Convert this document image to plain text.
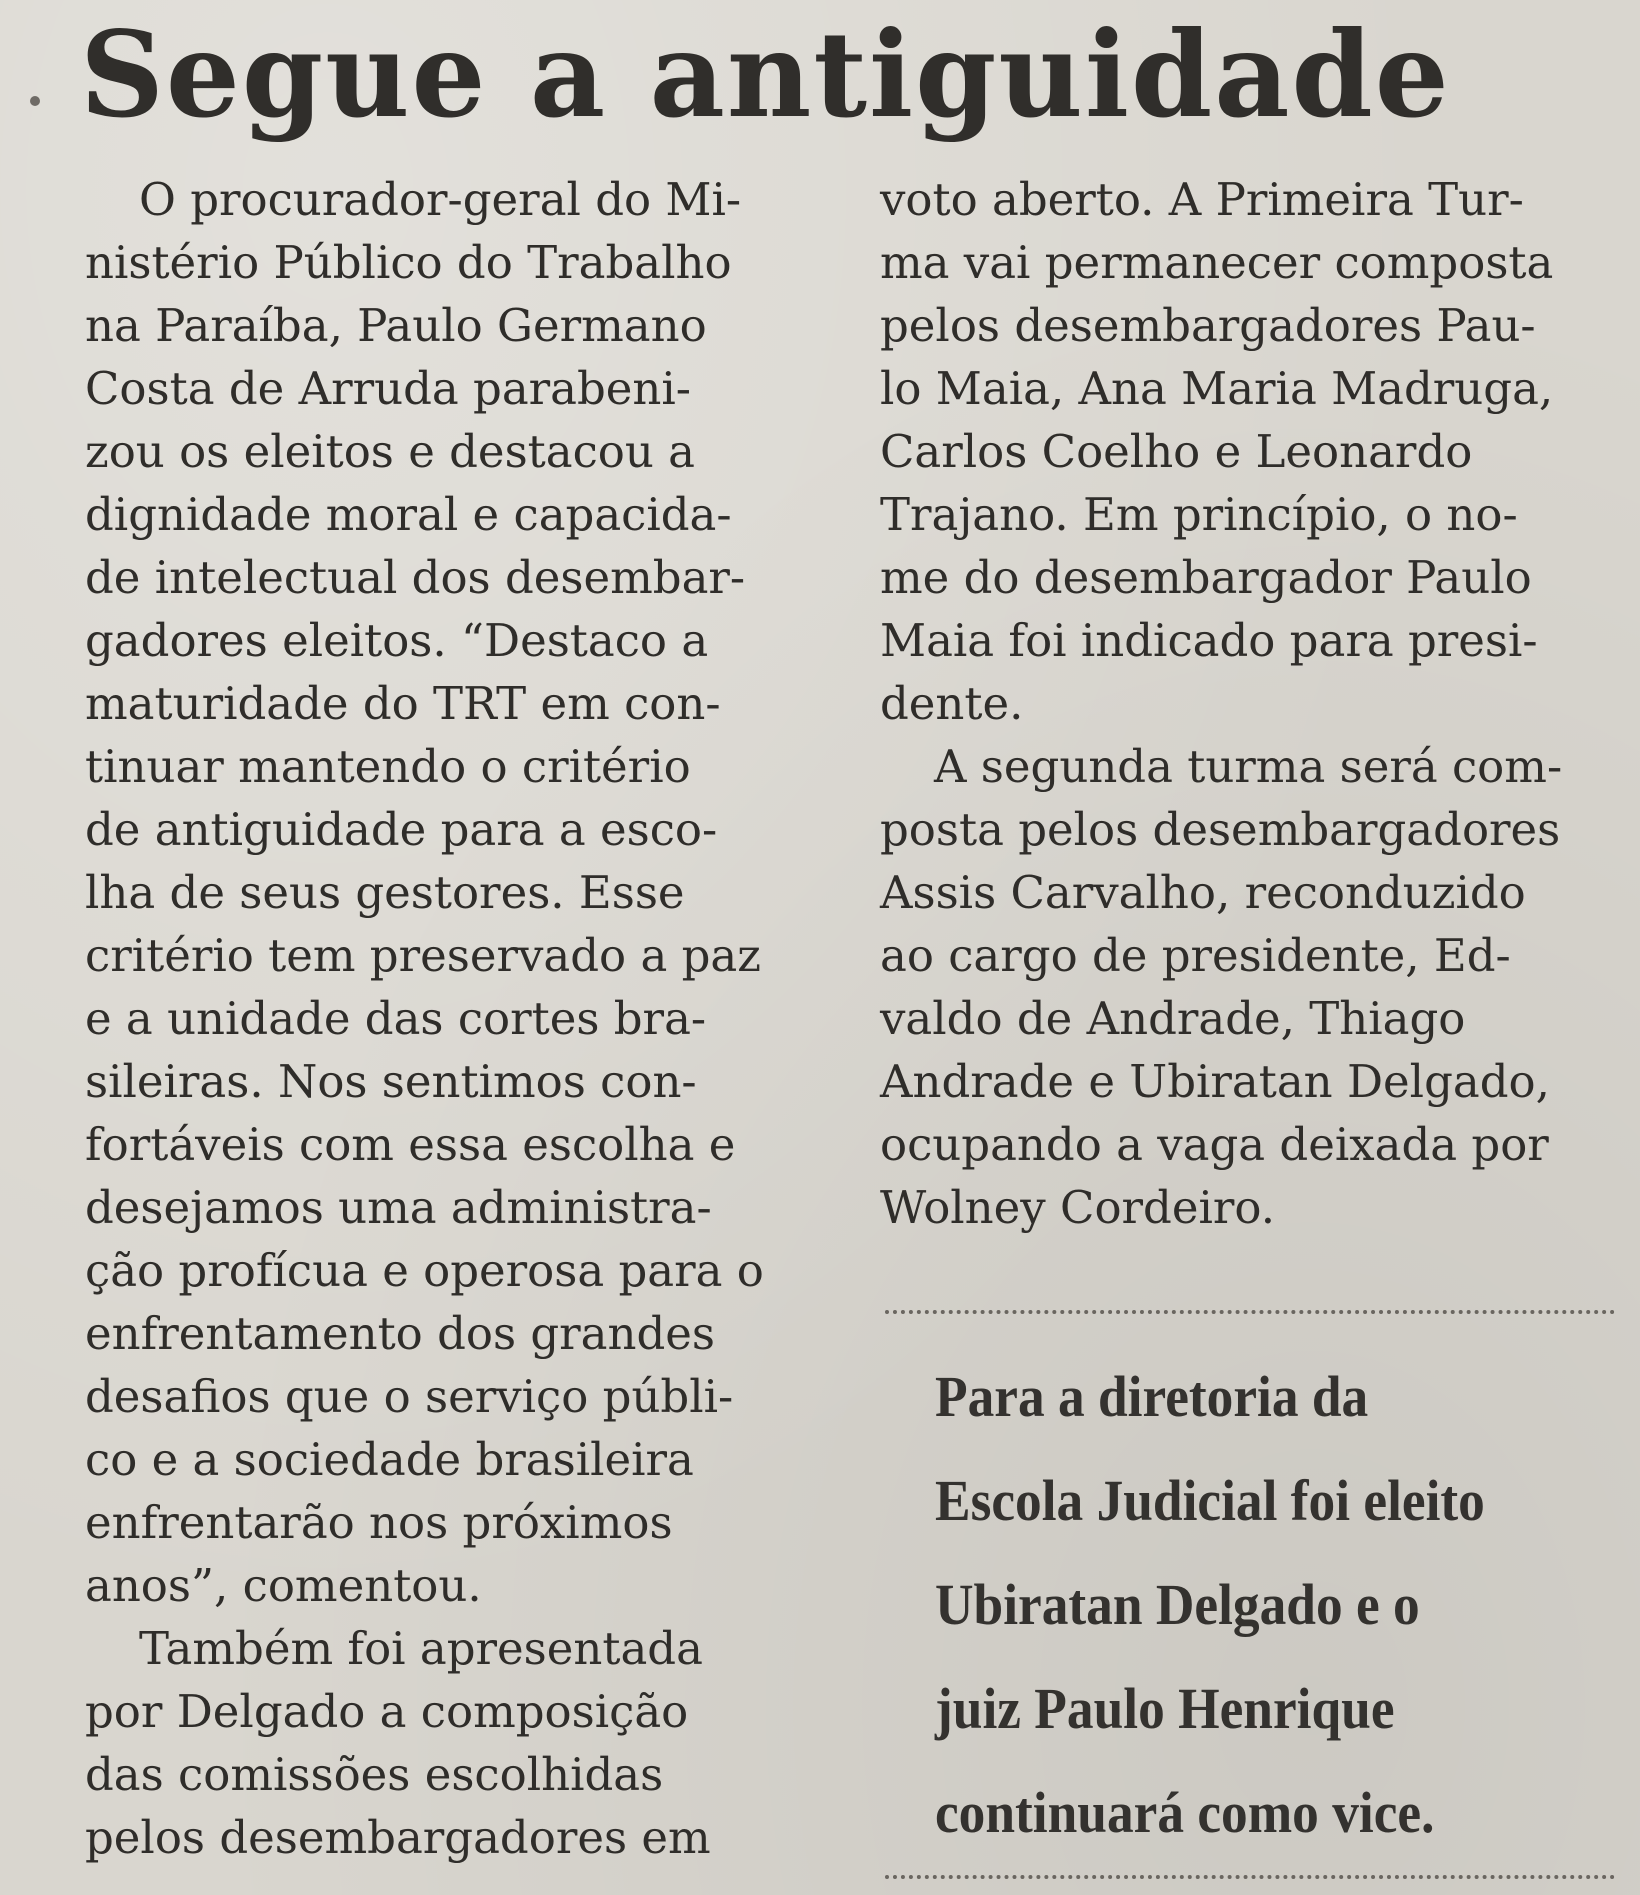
Segue a antiguidade

O procurador-geral do Mi-
nistério Público do Trabalho
na Paraíba, Paulo Germano
Costa de Arruda parabeni-
zou os eleitos e destacou a
dignidade moral e capacida-
de intelectual dos desembar-
gadores eleitos. “Destaco a
maturidade do TRT em con-
tinuar mantendo o critério
de antiguidade para a esco-
lha de seus gestores. Esse
critério tem preservado a paz
e a unidade das cortes bra-
sileiras. Nos sentimos con-
fortáveis com essa escolha e
desejamos uma administra-
ção profícua e operosa para o
enfrentamento dos grandes
desafios que o serviço públi-
co e a sociedade brasileira
enfrentarão nos próximos
anos”, comentou.

Também foi apresentada
por Delgado a composição
das comissões escolhidas
pelos desembargadores em

voto aberto. A Primeira Tur-
ma vai permanecer composta
pelos desembargadores Pau-
lo Maia, Ana Maria Madruga,
Carlos Coelho e Leonardo
Trajano. Em princípio, o no-
me do desembargador Paulo
Maia foi indicado para presi-
dente.

A segunda turma será com-
posta pelos desembargadores
Assis Carvalho, reconduzido
ao cargo de presidente, Ed-
valdo de Andrade, Thiago
Andrade e Ubiratan Delgado,
ocupando a vaga deixada por
Wolney Cordeiro.

Para a diretoria da
Escola Judicial foi eleito
Ubiratan Delgado e o
juiz Paulo Henrique
continuará como vice.
